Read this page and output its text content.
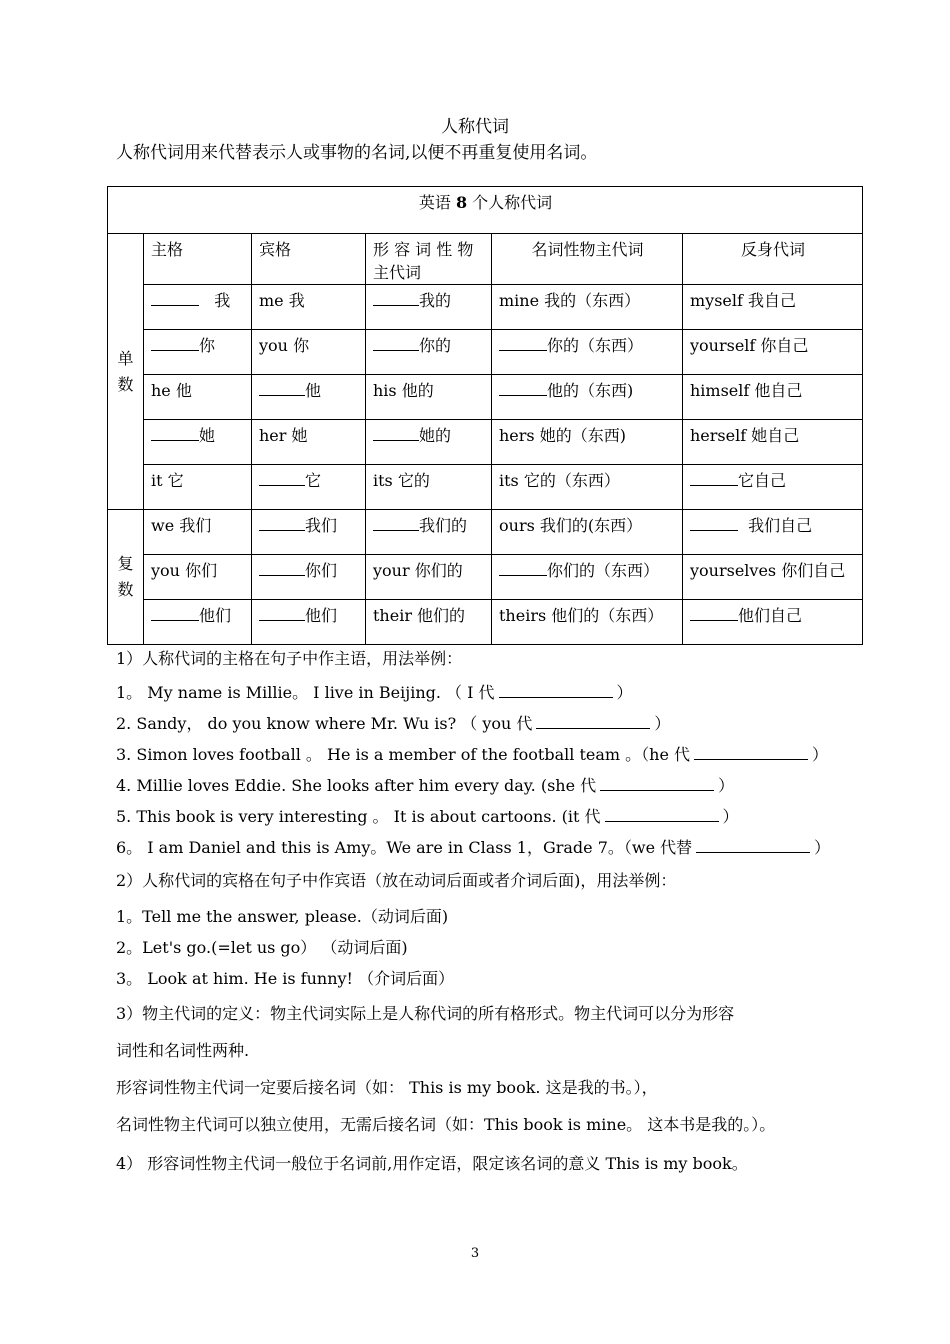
人称代词
人称代词用来代替表示人或事物的名词,以便不再重复使用名词。
英语 8 个人称代词					

单
数	主格	宾格	形 容 词 性 物 主代词	名词性物主代词	反身代词
	我	me 我	我的	mine 我的（东西）	myself 我自己
	你	you 你	你的	你的（东西）	yourself 你自己
	he 他	他	his 他的	他的（东西)	himself 他自己
	她	her 她	她的	hers 她的（东西)	herself 她自己
	it 它	它	its 它的	its 它的（东西）	它自己

复
数	we 我们	我们	我们的	ours 我们的(东西）	我们自己
	you 你们	你们	your 你们的	你们的（东西）	yourselves 你们自己
	他们	他们	their 他们的	theirs 他们的（东西）	他们自己
1）人称代词的主格在句子中作主语，用法举例：
1。 My name is Millie。 I live in Beijing. （ I 代	）
2. Sandy， do you know where Mr. Wu is? （ you 代	）
3. Simon loves football 。 He is a member of the football team 。（he 代	）
4. Millie loves Eddie. She looks after him every day. (she 代	）
5. This book is very interesting 。 It is about cartoons. (it 代	）
6。 I am Daniel and this is Amy。We are in Class 1，Grade 7。（we 代替	）
2）人称代词的宾格在句子中作宾语（放在动词后面或者介词后面)，用法举例：
1。Tell me the answer, please.（动词后面)
2。Let's go.(=let us go） （动词后面)
3。 Look at him. He is funny! （介词后面）
3）物主代词的定义：物主代词实际上是人称代词的所有格形式。物主代词可以分为形容
词性和名词性两种.
形容词性物主代词一定要后接名词（如： This is my book. 这是我的书。），
名词性物主代词可以独立使用，无需后接名词（如：This book is mine。 这本书是我的。）。
4） 形容词性物主代词一般位于名词前,用作定语，限定该名词的意义 This is my book。
3
